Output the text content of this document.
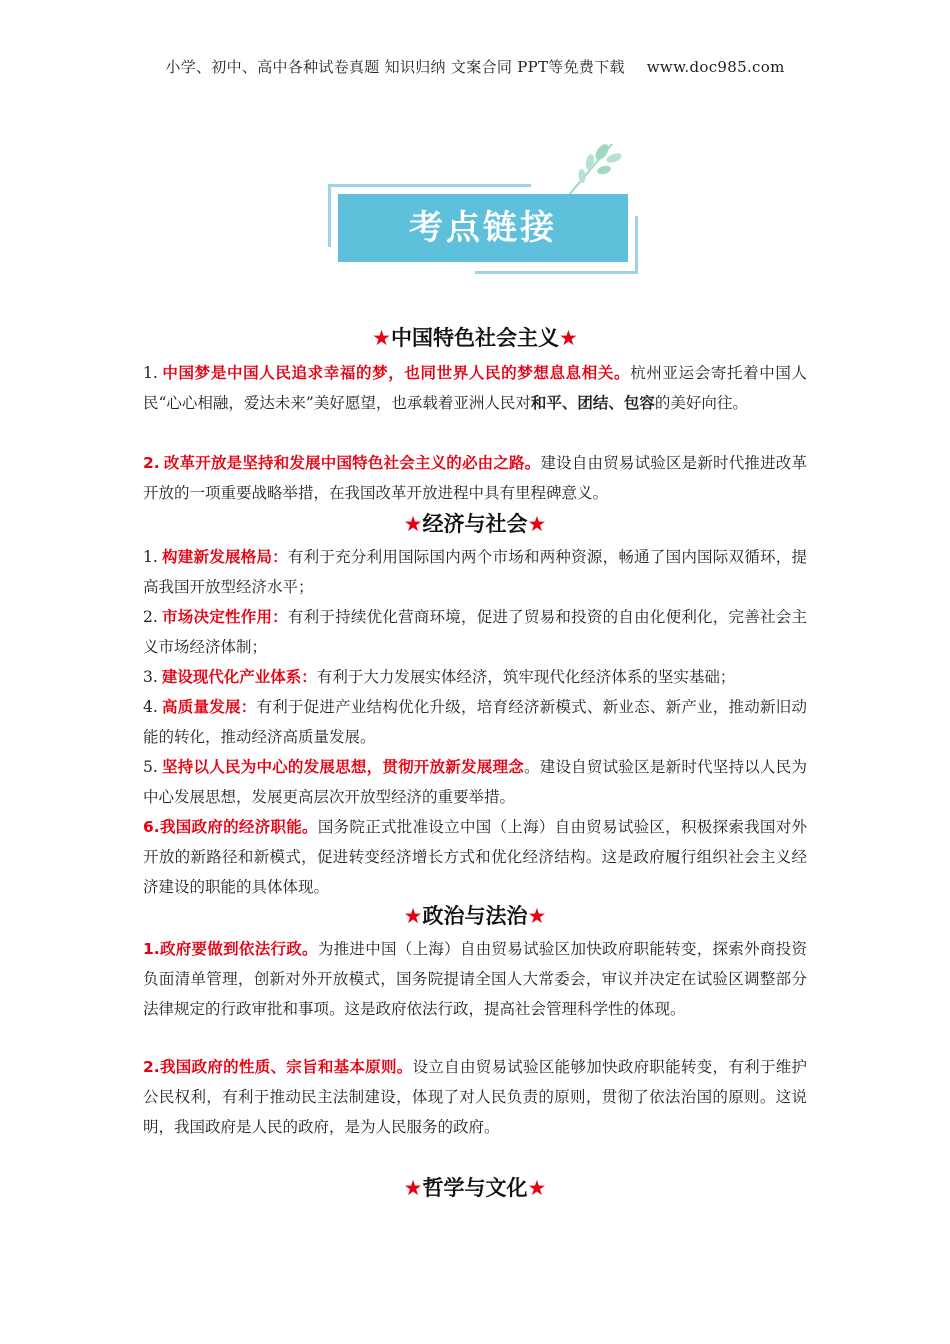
小学、初中、高中各种试卷真题 知识归纳 文案合同 PPT等免费下载 www.doc985.com
考点链接
★中国特色社会主义★
1. 中国梦是中国人民追求幸福的梦，也同世界人民的梦想息息相关。杭州亚运会寄托着中国人民“心心相融，爱达未来”美好愿望，也承载着亚洲人民对和平、团结、包容的美好向往。
2. 改革开放是坚持和发展中国特色社会主义的必由之路。建设自由贸易试验区是新时代推进改革开放的一项重要战略举措，在我国改革开放进程中具有里程碑意义。
★经济与社会★
1. 构建新发展格局：有利于充分利用国际国内两个市场和两种资源，畅通了国内国际双循环，提高我国开放型经济水平；
2. 市场决定性作用：有利于持续优化营商环境，促进了贸易和投资的自由化便利化，完善社会主义市场经济体制；
3. 建设现代化产业体系：有利于大力发展实体经济，筑牢现代化经济体系的坚实基础；
4. 高质量发展：有利于促进产业结构优化升级，培育经济新模式、新业态、新产业，推动新旧动能的转化，推动经济高质量发展。
5. 坚持以人民为中心的发展思想，贯彻开放新发展理念。建设自贸试验区是新时代坚持以人民为中心发展思想，发展更高层次开放型经济的重要举措。
6.我国政府的经济职能。国务院正式批准设立中国（上海）自由贸易试验区，积极探索我国对外开放的新路径和新模式，促进转变经济增长方式和优化经济结构。这是政府履行组织社会主义经济建设的职能的具体体现。
★政治与法治★
1.政府要做到依法行政。为推进中国（上海）自由贸易试验区加快政府职能转变，探索外商投资负面清单管理，创新对外开放模式，国务院提请全国人大常委会，审议并决定在试验区调整部分法律规定的行政审批和事项。这是政府依法行政，提高社会管理科学性的体现。
2.我国政府的性质、宗旨和基本原则。设立自由贸易试验区能够加快政府职能转变，有利于维护公民权利，有利于推动民主法制建设，体现了对人民负责的原则，贯彻了依法治国的原则。这说明，我国政府是人民的政府，是为人民服务的政府。
★哲学与文化★
